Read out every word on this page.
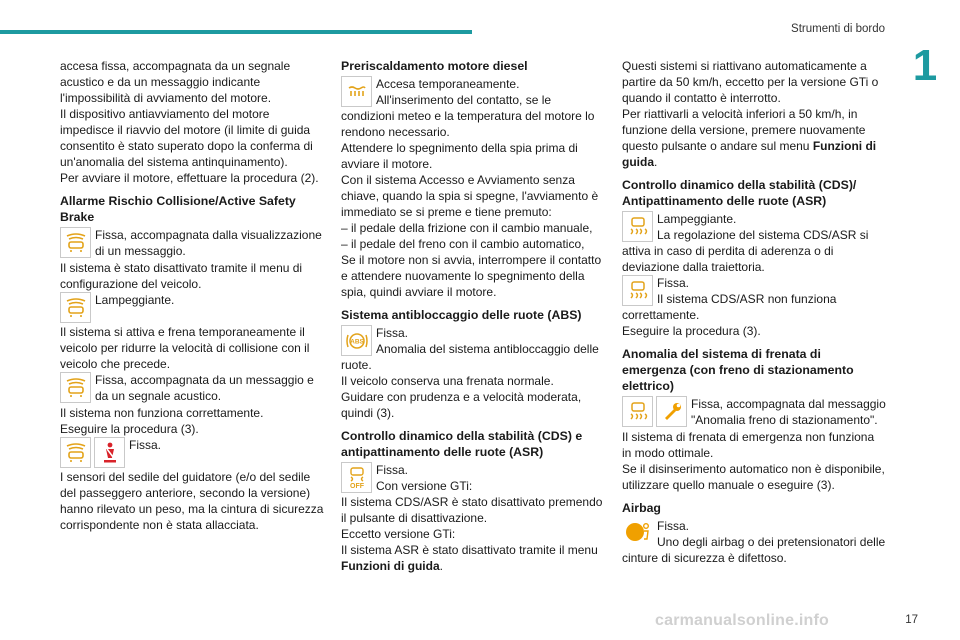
Strumenti di bordo
1

accesa fissa, accompagnata da un segnale acustico e da un messaggio indicante l'impossibilità di avviamento del motore.
Il dispositivo antiavviamento del motore impedisce il riavvio del motore (il limite di guida consentito è stato superato dopo la conferma di un'anomalia del sistema antinquinamento).
Per avviare il motore, effettuare la procedura (2).

Allarme Rischio Collisione/Active Safety Brake
Fissa, accompagnata dalla visualizzazione di un messaggio.
Il sistema è stato disattivato tramite il menu di configurazione del veicolo.
Lampeggiante.
Il sistema si attiva e frena temporaneamente il veicolo per ridurre la velocità di collisione con il veicolo che precede.
Fissa, accompagnata da un messaggio e da un segnale acustico.
Il sistema non funziona correttamente.
Eseguire la procedura (3).
Fissa.
I sensori del sedile del guidatore (e/o del sedile del passeggero anteriore, secondo la versione) hanno rilevato un peso, ma la cintura di sicurezza corrispondente non è stata allacciata.
Preriscaldamento motore diesel
Accesa temporaneamente.
All'inserimento del contatto, se le condizioni meteo e la temperatura del motore lo rendono necessario.
Attendere lo spegnimento della spia prima di avviare il motore.
Con il sistema Accesso e Avviamento senza chiave, quando la spia si spegne, l'avviamento è immediato se si preme e tiene premuto:
– il pedale della frizione con il cambio manuale,
– il pedale del freno con il cambio automatico,
Se il motore non si avvia, interrompere il contatto e attendere nuovamente lo spegnimento della spia, quindi avviare il motore.
Sistema antibloccaggio delle ruote (ABS)
ABS
Fissa.
Anomalia del sistema antibloccaggio delle ruote.
Il veicolo conserva una frenata normale.
Guidare con prudenza e a velocità moderata, quindi (3).
Controllo dinamico della stabilità (CDS) e antipattinamento delle ruote (ASR)
OFF
Fissa.
Con versione GTi:
Il sistema CDS/ASR è stato disattivato premendo il pulsante di disattivazione.
Eccetto versione GTi:
Il sistema ASR è stato disattivato tramite il menu Funzioni di guida.

Questi sistemi si riattivano automaticamente a partire da 50 km/h, eccetto per la versione GTi o quando il contatto è interrotto.
Per riattivarli a velocità inferiori a 50 km/h, in funzione della versione, premere nuovamente questo pulsante o andare sul menu Funzioni di guida.

Controllo dinamico della stabilità (CDS)/ Antipattinamento delle ruote (ASR)
Lampeggiante.
La regolazione del sistema CDS/ASR si attiva in caso di perdita di aderenza o di deviazione dalla traiettoria.
Fissa.
Il sistema CDS/ASR non funziona correttamente.
Eseguire la procedura (3).
Anomalia del sistema di frenata di emergenza (con freno di stazionamento elettrico)
Fissa, accompagnata dal messaggio "Anomalia freno di stazionamento".
Il sistema di frenata di emergenza non funziona in modo ottimale.
Se il disinserimento automatico non è disponibile, utilizzare quello manuale o eseguire (3).
Airbag
Fissa.
Uno degli airbag o dei pretensionatori delle cinture di sicurezza è difettoso.
carmanualsonline.info	17
